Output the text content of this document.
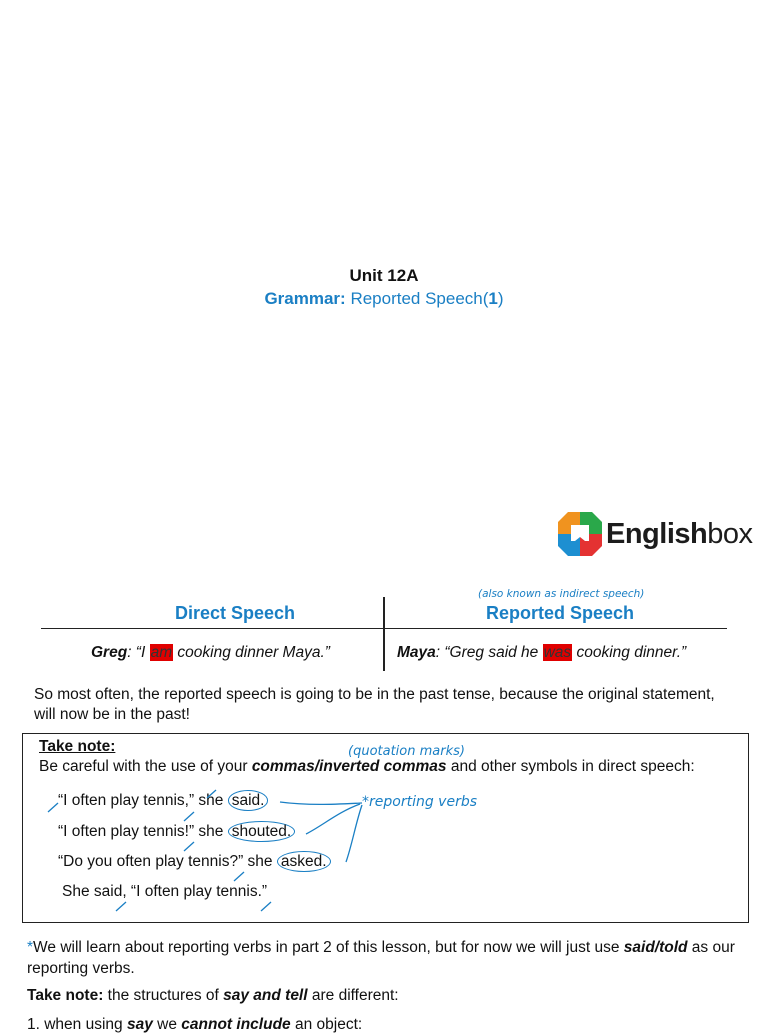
Unit 12A
Grammar: Reported Speech(1)
Englishbox
(also known as indirect speech)
Direct Speech	Reported Speech
Greg: “I am cooking dinner Maya.”	Maya: “Greg said he was cooking dinner.”
So most often, the reported speech is going to be in the past tense, because the original statement, will now be in the past!
Take note:	(quotation marks)
Be careful with the use of your commas/inverted commas and other symbols in direct speech:
“I often play tennis,” she said.
“I often play tennis!” she shouted.
“Do you often play tennis?” she asked.
She said, “I often play tennis.”
*reporting verbs
*We will learn about reporting verbs in part 2 of this lesson, but for now we will just use said/told as our reporting verbs.
Take note: the structures of say and tell are different:
1. when using say we cannot include an object:
